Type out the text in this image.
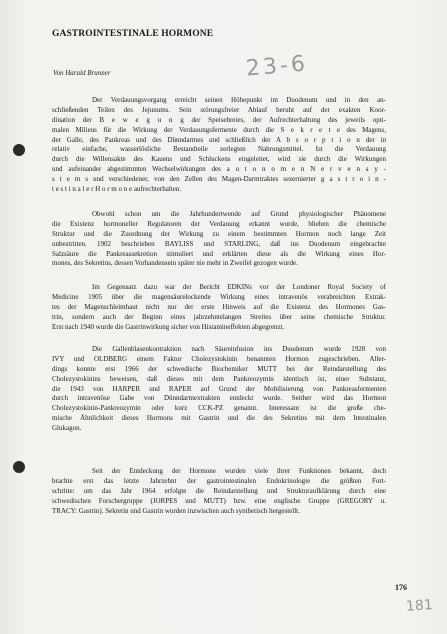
GASTROINTESTINALE HORMONE
Von Harald Brunner	23-6
Der Verdauungsvorgang erreicht seinen Höhepunkt im Duodenum und in den an-
schließenden Teilen des Jejunums. Sein störungsfreier Ablauf beruht auf der exakten Koor-
dination der B e w e g u n g der Speisebreies, der Aufrechterhaltung des jeweils opti-
malen Milieus für die Wirkung der Verdauungsfermente durch die S e k r e t e des Magens,
der Galle, des Pankreas und des Dünndarmes und schließlich der A b s o r p t i o n der in
relativ einfache, wasserlösliche Bestandteile zerlegten Nahrungsmittel. Ist die Verdauung
durch die Willensakte des Kauens und Schluckens eingeleitet, wird sie durch die Wirkungen
und aufeinander abgestimmten Wechselwirkungen des a u t o n o m e n N e r v e n s y -
s t e m s und verschiedener, von den Zellen des Magen-Darmtraktes sezernierter g a s t r o i n -
t e s t i n a l e r H o r m o n e aufrechterhalten.
Obwohl schon um die Jahrhundertwende auf Grund physiologischer Phänomene
die Existenz hormoneller Regulatoren der Verdauung erkannt wurde, blieben die chemische
Struktur und die Zuordnung der Wirkung zu einem bestimmten Hormon noch lange Zeit
unbestritten. 1902 beschrieben BAYLISS und STARLING, daß ins Duodenum eingebrachte
Salzsäure die Pankreassekretion stimuliert und erklärten diese als die Wirkung eines Hor-
mones, des Sekretins, dessen Vorhandensein später nie mehr in Zweifel gezogen wurde.
Im Gegensatz dazu war der Bericht EDKINs vor der Londoner Royal Society of
Medicine 1905 über die magensäurelockende Wirkung eines intravenös verabreichten Extrak-
tes der Magenschleimhaut nicht nur der erste Hinweis auf die Existenz des Hormones Gas-
trin, sondern auch der Beginn eines jahrzehntelangen Streites über seine chemische Struktur.
Erst nach 1940 wurde die Gastrinwirkung sicher von Histamineffekten abgegrenzt.
Die Gallenblasenkontraktion nach Säureinfusion ins Duodenum wurde 1928 von
IVY und OLDBERG einem Faktor Cholezystokinin benannten Hormon zugeschrieben. Aller-
dings konnte erst 1966 der schwedische Biochemiker MUTT bei der Reindarstellung des
Cholezystokinins beweisen, daß dieses mit dem Pankreozymin identisch ist, einer Substanz,
die 1943 von HARPER und RAPER auf Grund der Mobilisierung von Pankreasfermenten
durch intravenöse Gabe von Dünndarmextrakten entdeckt wurde. Seither wird das Hormon
Cholezystokinin-Pankreozymin oder kurz CCK-PZ genannt. Interessant ist die große che-
mische Ähnlichkeit dieses Hormons mit Gastrin und die des Sekretins mit dem Intestinalen
Glukagon.
Seit der Entdeckung der Hormone wurden viele ihrer Funktionen bekannt, doch
brachte erst das letzte Jahrzehnt der gastrointestinalen Endokrinologie die größten Fort-
schritte: um das Jahr 1964 erfolgte die Reindarstellung und Strukturaufklärung durch eine
schwedischen Forschergruppe (JORPES und MUTT) bzw. eine englische Gruppe (GREGORY u.
TRACY: Gastrin). Sekretin und Gastrin wurden inzwischen auch synthetisch hergestellt.
176
181
